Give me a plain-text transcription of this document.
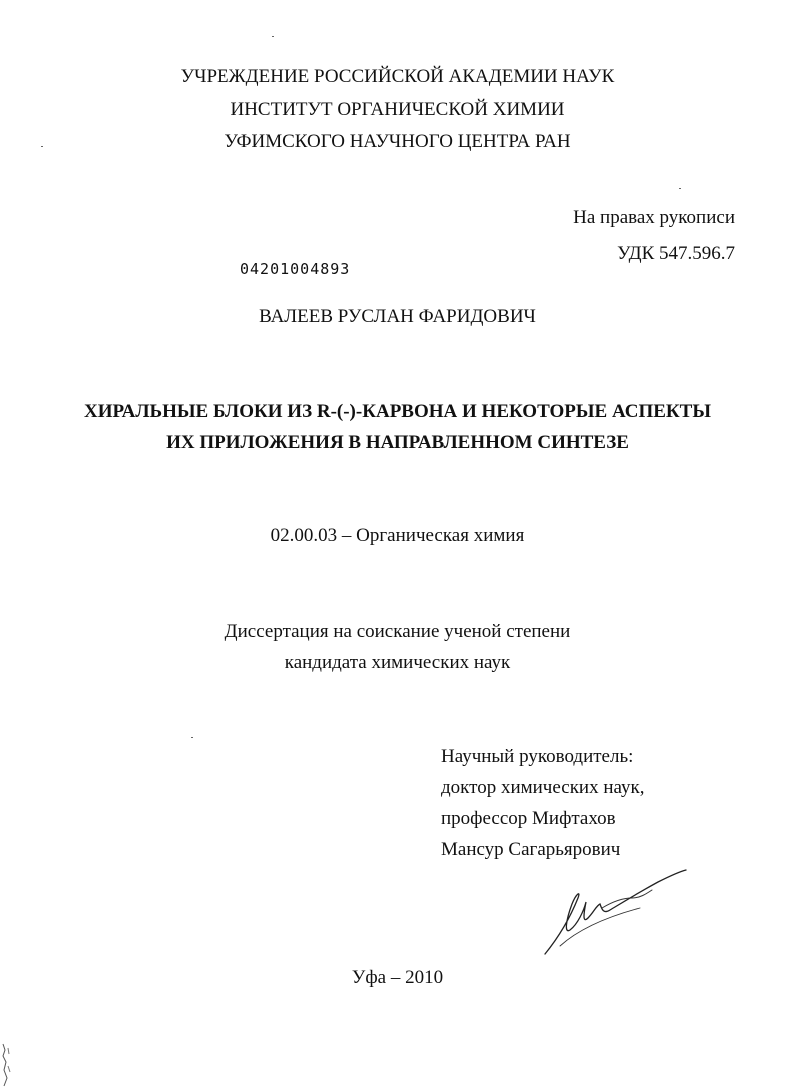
УЧРЕЖДЕНИЕ РОССИЙСКОЙ АКАДЕМИИ НАУК
ИНСТИТУТ ОРГАНИЧЕСКОЙ ХИМИИ
УФИМСКОГО НАУЧНОГО ЦЕНТРА РАН
На правах рукописи
УДК 547.596.7
04201004893
ВАЛЕЕВ РУСЛАН ФАРИДОВИЧ
ХИРАЛЬНЫЕ БЛОКИ ИЗ R-(-)-КАРВОНА И НЕКОТОРЫЕ АСПЕКТЫ
ИХ ПРИЛОЖЕНИЯ В НАПРАВЛЕННОМ СИНТЕЗЕ
02.00.03 – Органическая химия
Диссертация на соискание ученой степени
кандидата химических наук
Научный руководитель:
доктор химических наук,
профессор Мифтахов
Мансур Сагарьярович
Уфа – 2010
